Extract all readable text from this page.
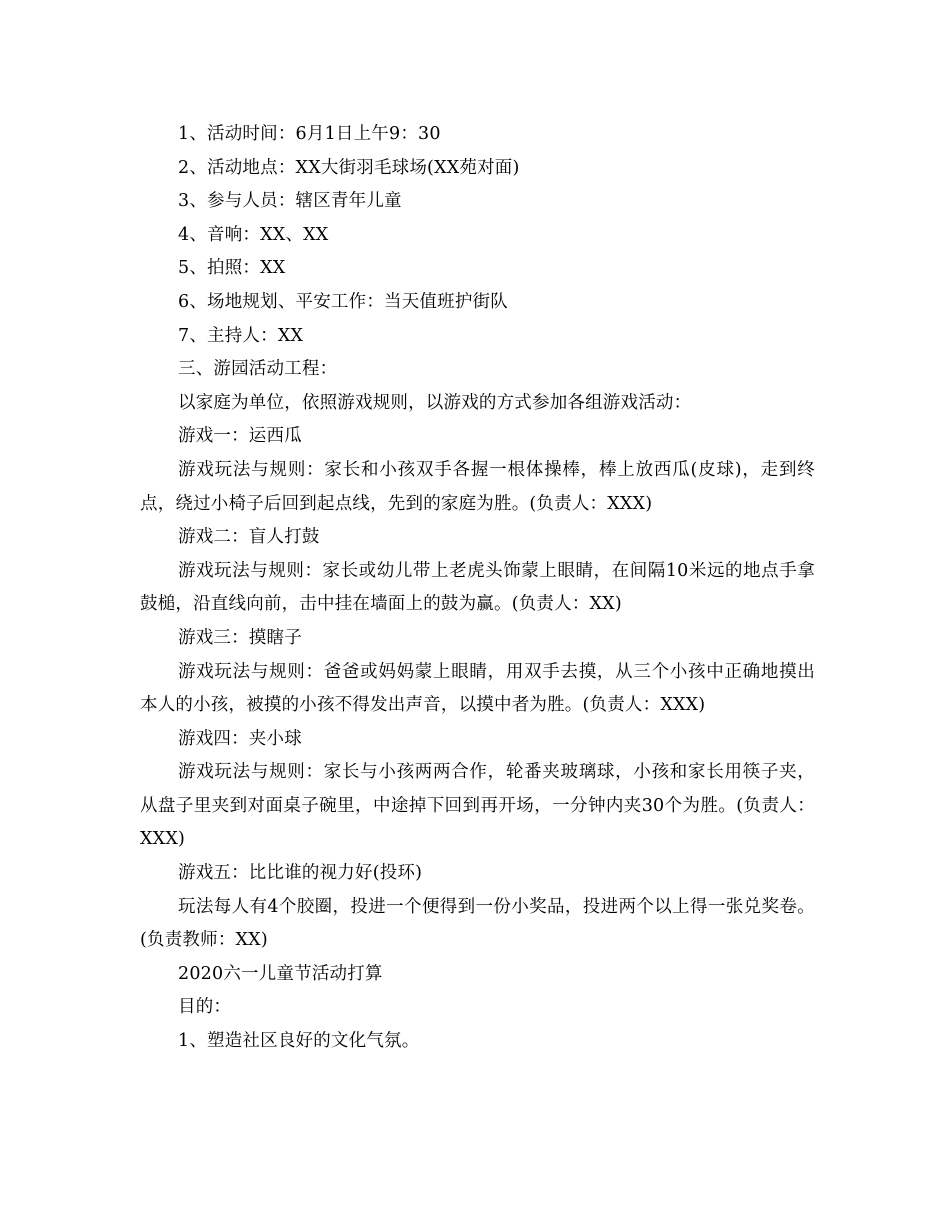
1、活动时间：6月1日上午9：30

2、活动地点：XX大街羽毛球场(XX苑对面)

3、参与人员：辖区青年儿童

4、音响：XX、XX

5、拍照：XX

6、场地规划、平安工作：当天值班护街队

7、主持人：XX

三、游园活动工程：

以家庭为单位，依照游戏规则，以游戏的方式参加各组游戏活动：

游戏一：运西瓜

游戏玩法与规则：家长和小孩双手各握一根体操棒，棒上放西瓜(皮球)，走到终点，绕过小椅子后回到起点线，先到的家庭为胜。(负责人：XXX)

游戏二：盲人打鼓

游戏玩法与规则：家长或幼儿带上老虎头饰蒙上眼睛，在间隔10米远的地点手拿鼓槌，沿直线向前，击中挂在墙面上的鼓为赢。(负责人：XX)

游戏三：摸瞎子

游戏玩法与规则：爸爸或妈妈蒙上眼睛，用双手去摸，从三个小孩中正确地摸出本人的小孩，被摸的小孩不得发出声音，以摸中者为胜。(负责人：XXX)

游戏四：夹小球

游戏玩法与规则：家长与小孩两两合作，轮番夹玻璃球，小孩和家长用筷子夹，从盘子里夹到对面桌子碗里，中途掉下回到再开场，一分钟内夹30个为胜。(负责人：XXX)

游戏五：比比谁的视力好(投环)

玩法每人有4个胶圈，投进一个便得到一份小奖品，投进两个以上得一张兑奖卷。(负责教师：XX)

2020六一儿童节活动打算

目的：

1、塑造社区良好的文化气氛。
